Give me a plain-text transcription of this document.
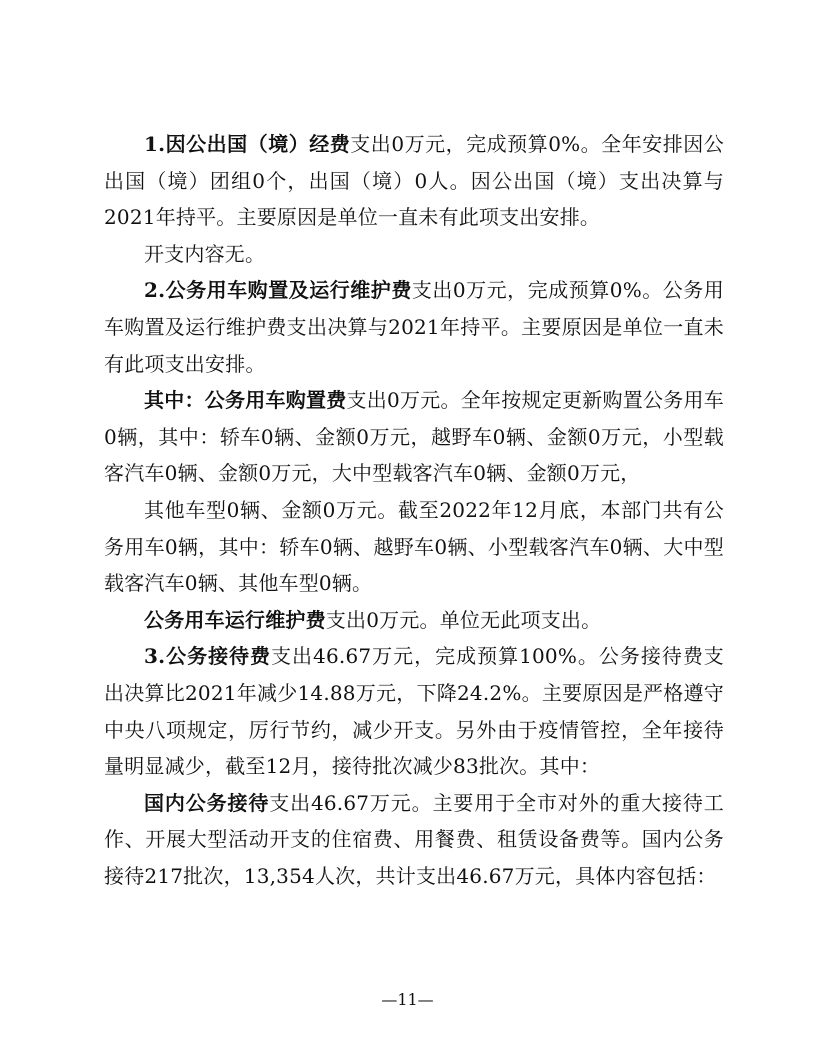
1.因公出国（境）经费支出0万元，完成预算0%。全年安排因公出国（境）团组0个，出国（境）0人。因公出国（境）支出决算与2021年持平。主要原因是单位一直未有此项支出安排。

开支内容无。

2.公务用车购置及运行维护费支出0万元，完成预算0%。公务用车购置及运行维护费支出决算与2021年持平。主要原因是单位一直未有此项支出安排。

其中：公务用车购置费支出0万元。全年按规定更新购置公务用车0辆，其中：轿车0辆、金额0万元，越野车0辆、金额0万元，小型载客汽车0辆、金额0万元，大中型载客汽车0辆、金额0万元，

其他车型0辆、金额0万元。截至2022年12月底，本部门共有公务用车0辆，其中：轿车0辆、越野车0辆、小型载客汽车0辆、大中型载客汽车0辆、其他车型0辆。

公务用车运行维护费支出0万元。单位无此项支出。

3.公务接待费支出46.67万元，完成预算100%。公务接待费支出决算比2021年减少14.88万元，下降24.2%。主要原因是严格遵守中央八项规定，厉行节约，减少开支。另外由于疫情管控，全年接待量明显减少，截至12月，接待批次减少83批次。其中：

国内公务接待支出46.67万元。主要用于全市对外的重大接待工作、开展大型活动开支的住宿费、用餐费、租赁设备费等。国内公务接待217批次，13,354人次，共计支出46.67万元，具体内容包括：

—11—
